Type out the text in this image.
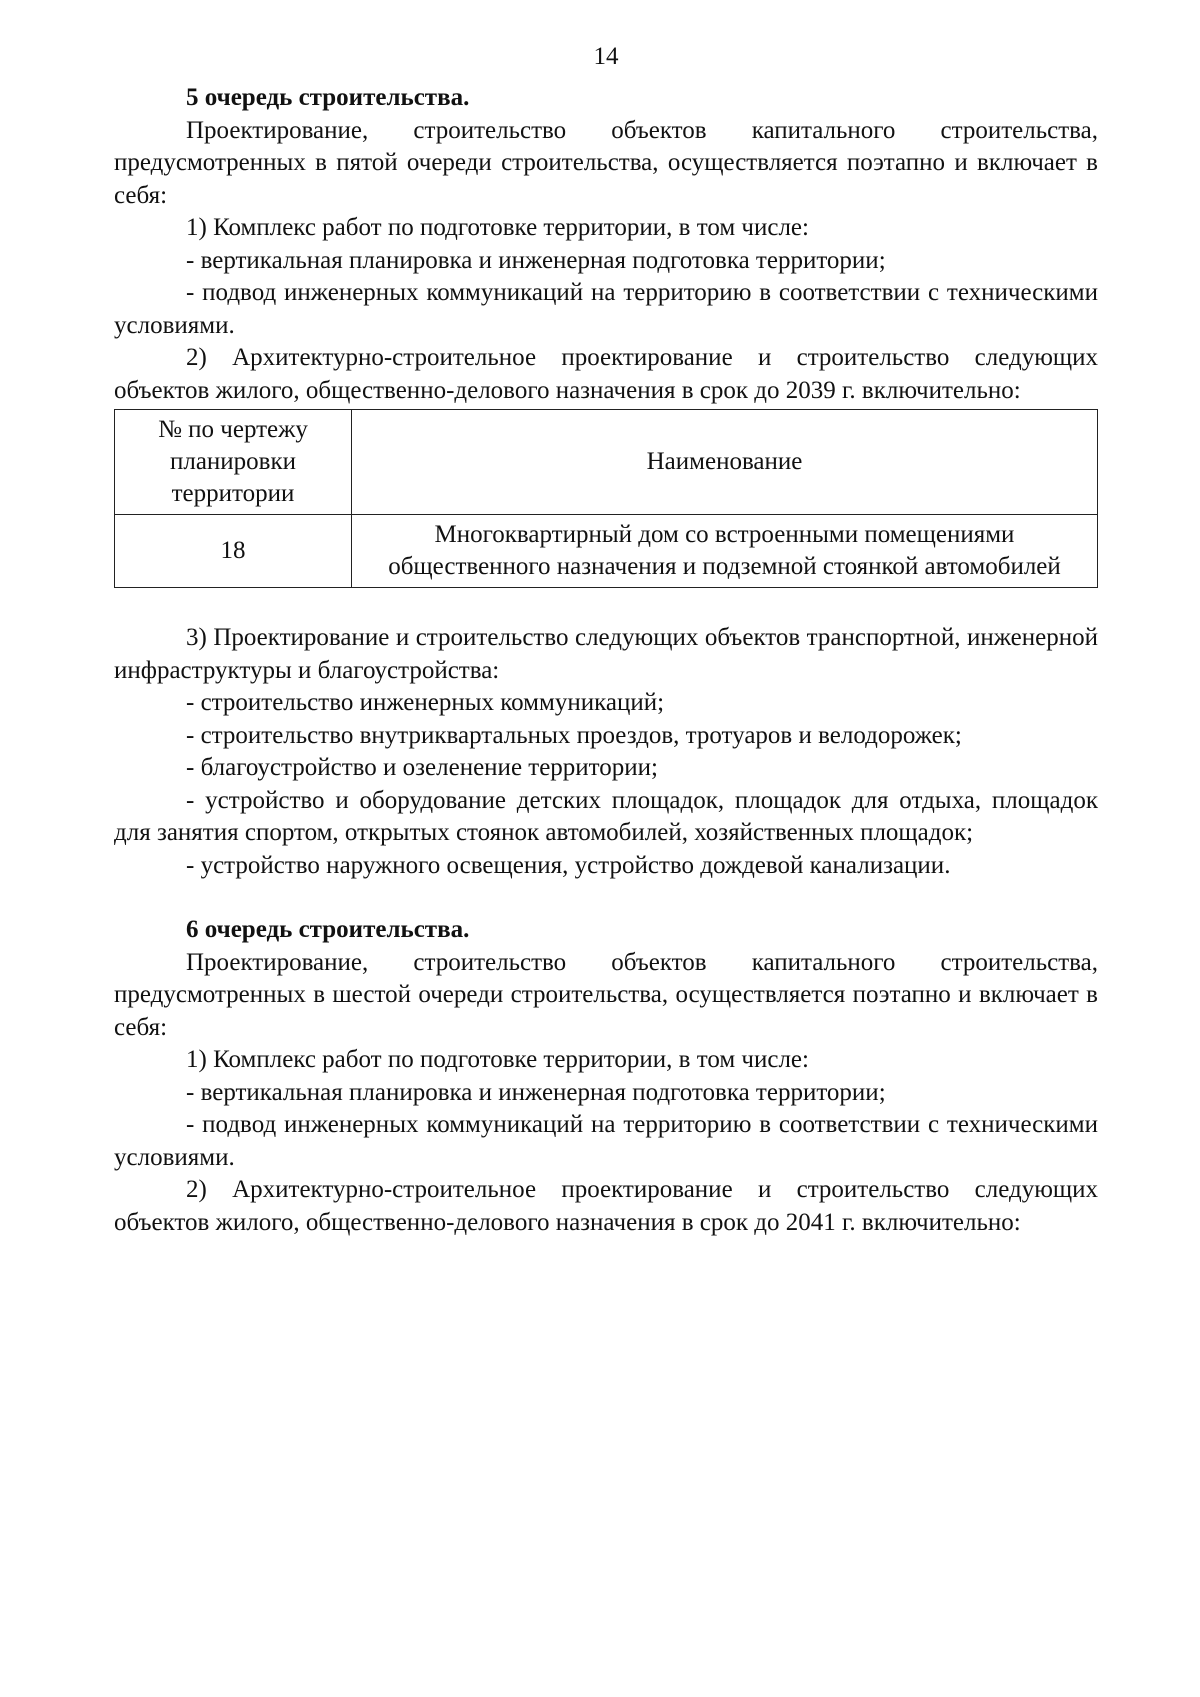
14

5 очередь строительства.

Проектирование, строительство объектов капитального строительства, предусмотренных в пятой очереди строительства, осуществляется поэтапно и включает в себя:

1) Комплекс работ по подготовке территории, в том числе:

- вертикальная планировка и инженерная подготовка территории;

- подвод инженерных коммуникаций на территорию в соответствии с техническими условиями.

2) Архитектурно-строительное проектирование и строительство следующих объектов жилого, общественно-делового назначения в срок до 2039 г. включительно:

№ по чертежу планировки территории	Наименование
18	Многоквартирный дом со встроенными помещениями общественного назначения и подземной стоянкой автомобилей

3) Проектирование и строительство следующих объектов транспортной, инженерной инфраструктуры и благоустройства:

- строительство инженерных коммуникаций;

- строительство внутриквартальных проездов, тротуаров и велодорожек;

- благоустройство и озеленение территории;

- устройство и оборудование детских площадок, площадок для отдыха, площадок для занятия спортом, открытых стоянок автомобилей, хозяйственных площадок;

- устройство наружного освещения, устройство дождевой канализации.

6 очередь строительства.

Проектирование, строительство объектов капитального строительства, предусмотренных в шестой очереди строительства, осуществляется поэтапно и включает в себя:

1) Комплекс работ по подготовке территории, в том числе:

- вертикальная планировка и инженерная подготовка территории;

- подвод инженерных коммуникаций на территорию в соответствии с техническими условиями.

2) Архитектурно-строительное проектирование и строительство следующих объектов жилого, общественно-делового назначения в срок до 2041 г. включительно:
